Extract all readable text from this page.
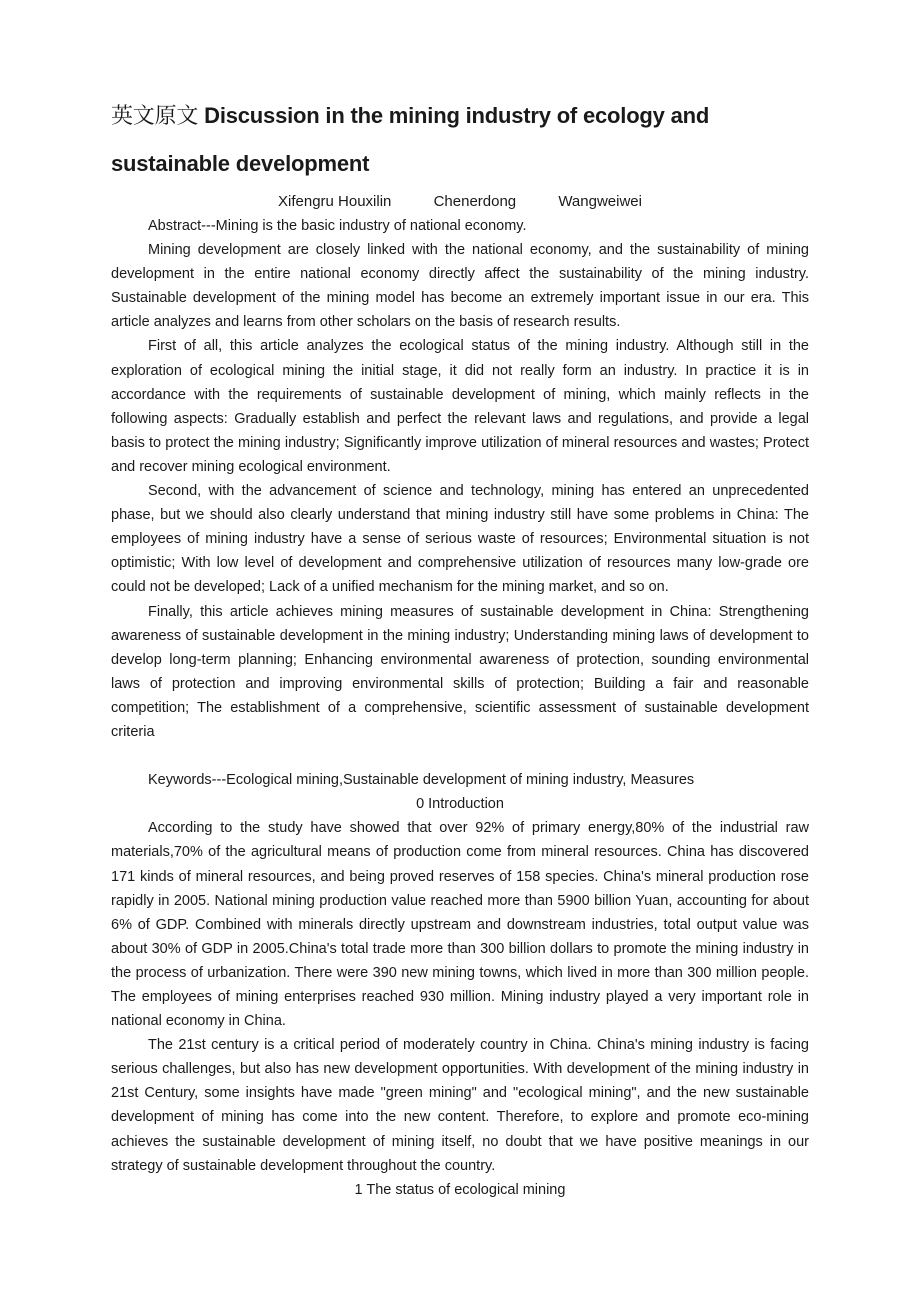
英文原文 Discussion in the mining industry of ecology and sustainable development
Xifengru Houxilin	Chenerdong	Wangweiwei

Abstract---Mining is the basic industry of national economy.

Mining development are closely linked with the national economy, and the sustainability of mining development in the entire national economy directly affect the sustainability of the mining industry. Sustainable development of the mining model has become an extremely important issue in our era. This article analyzes and learns from other scholars on the basis of research results.

First of all, this article analyzes the ecological status of the mining industry. Although still in the exploration of ecological mining the initial stage, it did not really form an industry. In practice it is in accordance with the requirements of sustainable development of mining, which mainly reflects in the following aspects: Gradually establish and perfect the relevant laws and regulations, and provide a legal basis to protect the mining industry; Significantly improve utilization of mineral resources and wastes; Protect and recover mining ecological environment.

Second, with the advancement of science and technology, mining has entered an unprecedented phase, but we should also clearly understand that mining industry still have some problems in China: The employees of mining industry have a sense of serious waste of resources; Environmental situation is not optimistic; With low level of development and comprehensive utilization of resources many low-grade ore could not be developed; Lack of a unified mechanism for the mining market, and so on.

Finally, this article achieves mining measures of sustainable development in China: Strengthening awareness of sustainable development in the mining industry; Understanding mining laws of development to develop long-term planning; Enhancing environmental awareness of protection, sounding environmental laws of protection and improving environmental skills of protection; Building a fair and reasonable competition; The establishment of a comprehensive, scientific assessment of sustainable development criteria

Keywords---Ecological mining,Sustainable development of mining industry, Measures

0 Introduction

According to the study have showed that over 92% of primary energy,80% of the industrial raw materials,70% of the agricultural means of production come from mineral resources. China has discovered 171 kinds of mineral resources, and being proved reserves of 158 species. China's mineral production rose rapidly in 2005. National mining production value reached more than 5900 billion Yuan, accounting for about 6% of GDP. Combined with minerals directly upstream and downstream industries, total output value was about 30% of GDP in 2005.China's total trade more than 300 billion dollars to promote the mining industry in the process of urbanization. There were 390 new mining towns, which lived in more than 300 million people. The employees of mining enterprises reached 930 million. Mining industry played a very important role in national economy in China.

The 21st century is a critical period of moderately country in China. China's mining industry is facing serious challenges, but also has new development opportunities. With development of the mining industry in 21st Century, some insights have made "green mining" and "ecological mining", and the new sustainable development of mining has come into the new content. Therefore, to explore and promote eco-mining achieves the sustainable development of mining itself, no doubt that we have positive meanings in our strategy of sustainable development throughout the country.

1 The status of ecological mining
